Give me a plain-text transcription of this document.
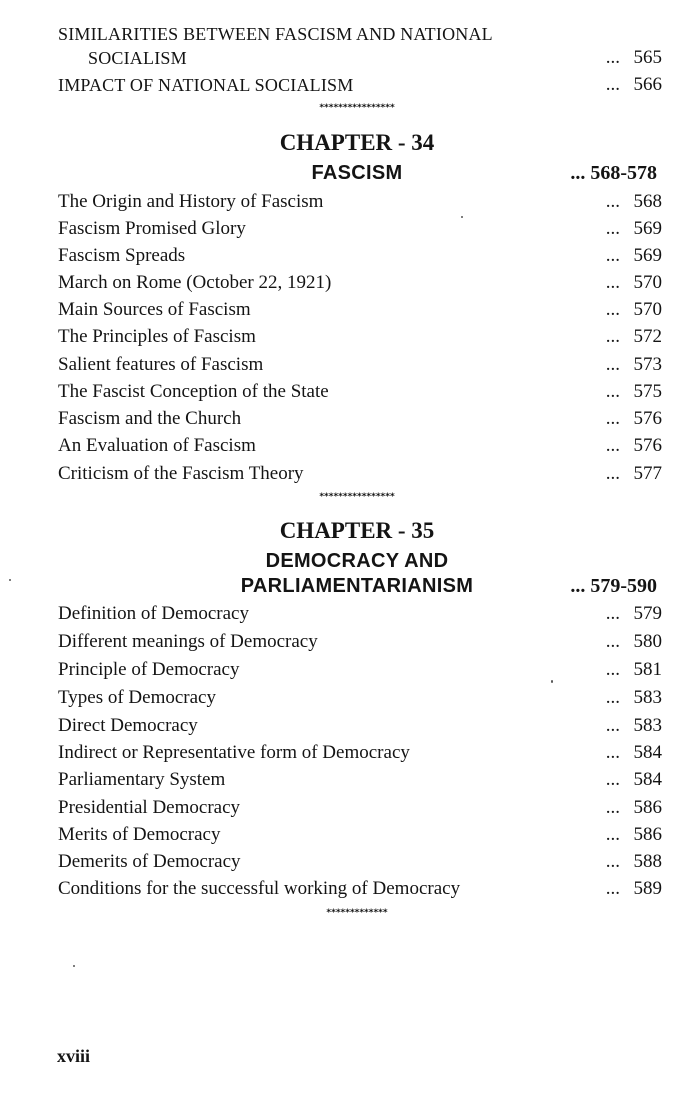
SIMILARITIES BETWEEN FASCISM AND NATIONAL
SOCIALISM	... 565
IMPACT OF NATIONAL SOCIALISM	... 566
****************
CHAPTER - 34
FASCISM	... 568-578
The Origin and History of Fascism	... 568
Fascism Promised Glory	... 569
Fascism Spreads	... 569
March on Rome (October 22, 1921)	... 570
Main Sources of Fascism	... 570
The Principles of Fascism	... 572
Salient features of Fascism	... 573
The Fascist Conception of the State	... 575
Fascism and the Church	... 576
An Evaluation of Fascism	... 576
Criticism of the Fascism Theory	... 577
****************
CHAPTER - 35
DEMOCRACY AND
PARLIAMENTARIANISM	... 579-590
Definition of Democracy	... 579
Different meanings of Democracy	... 580
Principle of Democracy	... 581
Types of Democracy	... 583
Direct Democracy	... 583
Indirect or Representative form of Democracy	... 584
Parliamentary System	... 584
Presidential Democracy	... 586
Merits of Democracy	... 586
Demerits of Democracy	... 588
Conditions for the successful working of Democracy	... 589
*************
xviii
